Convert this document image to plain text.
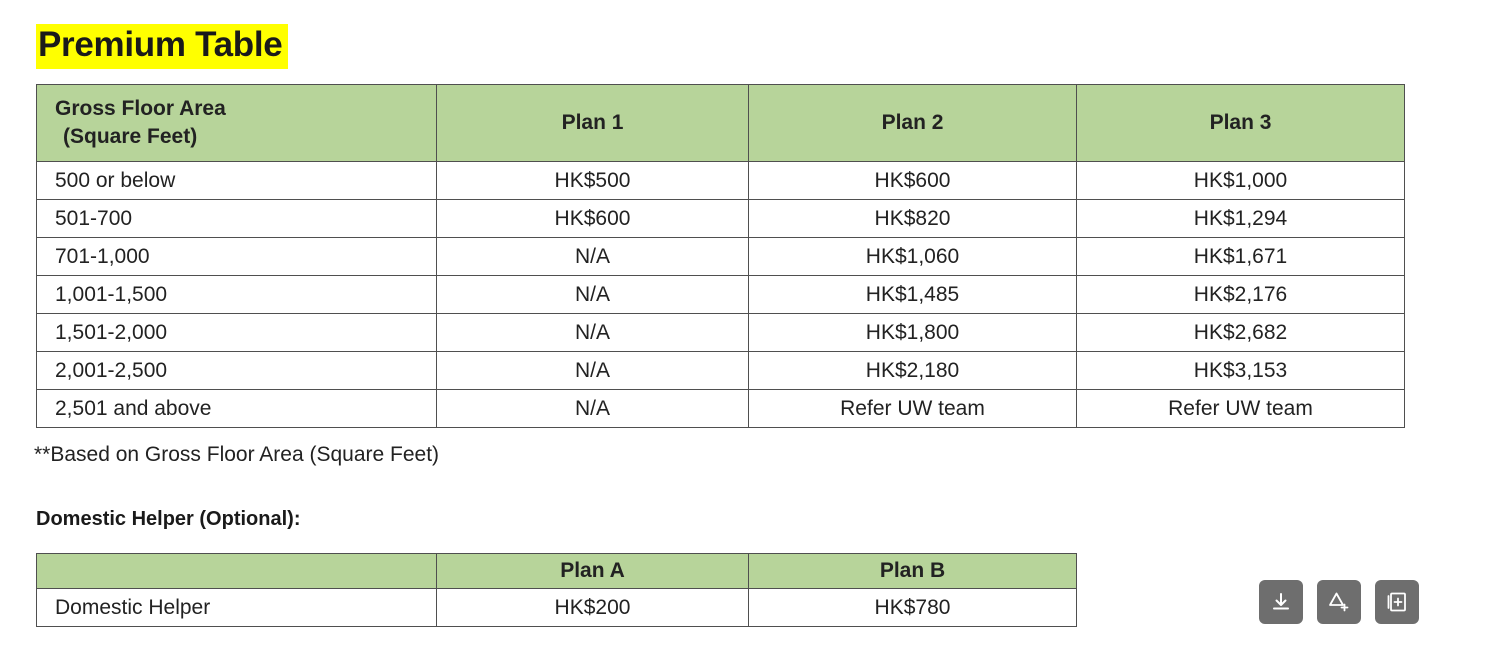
Premium Table
Gross Floor Area
(Square Feet)	Plan 1	Plan 2	Plan 3
500 or below	HK$500	HK$600	HK$1,000
501-700	HK$600	HK$820	HK$1,294
701-1,000	N/A	HK$1,060	HK$1,671
1,001-1,500	N/A	HK$1,485	HK$2,176
1,501-2,000	N/A	HK$1,800	HK$2,682
2,001-2,500	N/A	HK$2,180	HK$3,153
2,501 and above	N/A	Refer UW team	Refer UW team
**Based on Gross Floor Area (Square Feet)
Domestic Helper (Optional):
	Plan A	Plan B
Domestic Helper	HK$200	HK$780
